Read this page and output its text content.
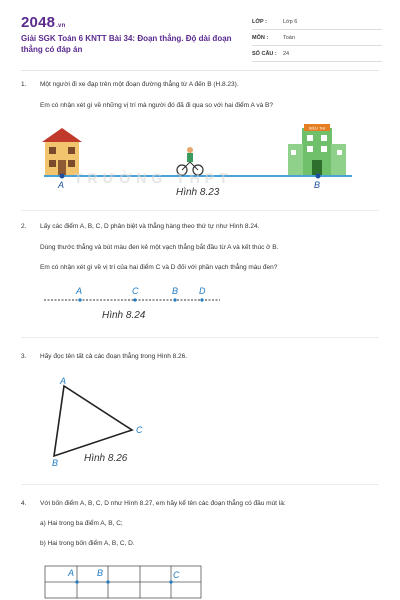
2048.vn
Giải SGK Toán 6 KNTT Bài 34: Đoạn thẳng. Độ dài đoạn thẳng có đáp án
LỚP :	Lớp 6
MÔN :	Toán
SỐ CÂU :	24
1. Một người đi xe đạp trên một đoạn đường thẳng từ A đến B (H.8.23).
Em có nhận xét gì về những vị trí mà người đó đã đi qua so với hai điểm A và B?
SIÊU THỊ
A	B
Hình 8.23
TRƯỜNG THPT
2. Lấy các điểm A, B, C, D phân biệt và thẳng hàng theo thứ tự như Hình 8.24.
Dùng thước thẳng và bút màu đen kẻ một vạch thẳng bắt đầu từ A và kết thúc ở B.
Em có nhận xét gì về vị trí của hai điểm C và D đối với phần vạch thẳng màu đen?
A	C	B D
Hình 8.24
3. Hãy đọc tên tất cả các đoạn thẳng trong Hình 8.26.
A
B
C
Hình 8.26
4. Với bốn điểm A, B, C, D như Hình 8.27, em hãy kể tên các đoạn thẳng có đầu mút là:
a) Hai trong ba điểm A, B, C;
b) Hai trong bốn điểm A, B, C, D.
A	B	C
